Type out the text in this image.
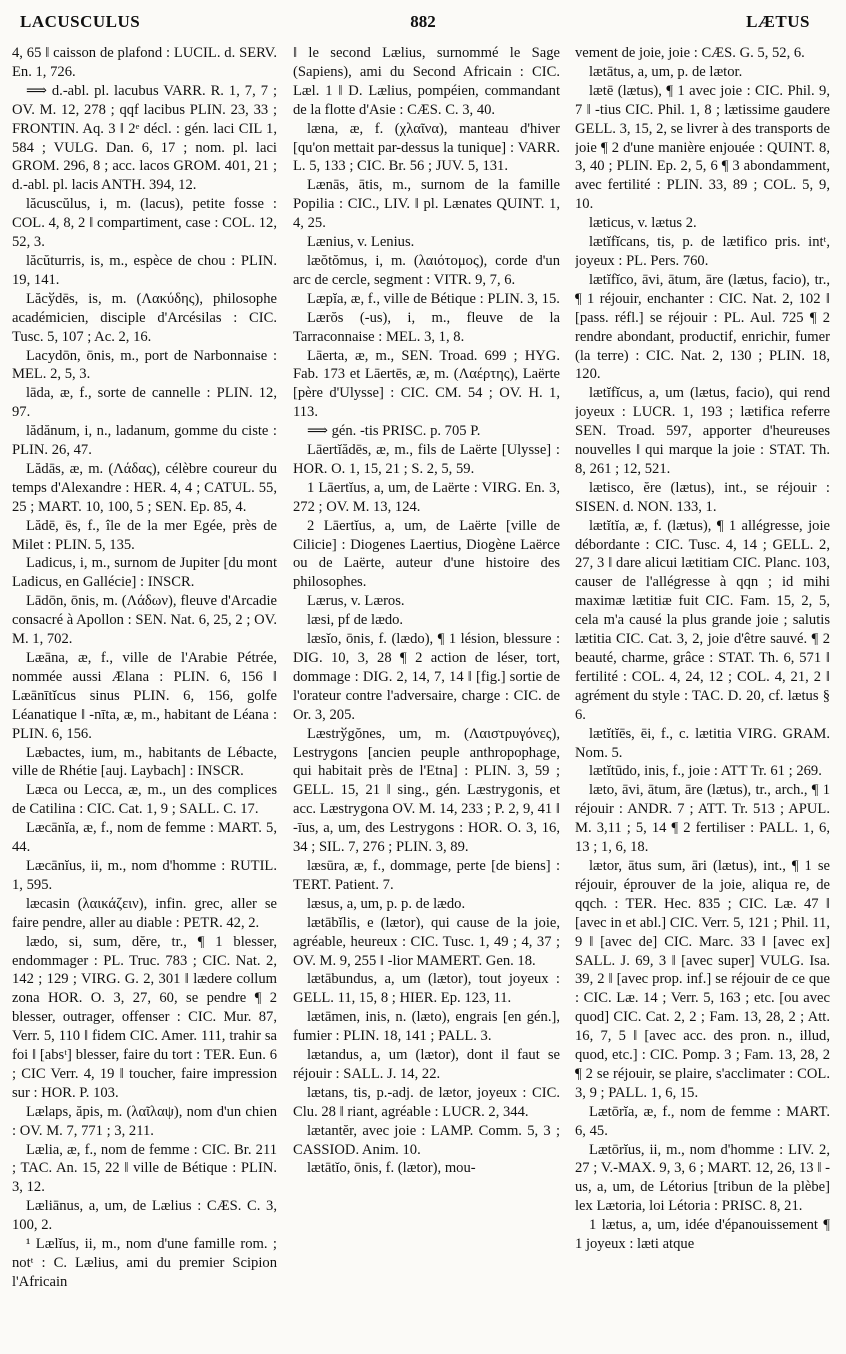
LACUSCULUS	882	LÆTUS
4, 65 ‖ caisson de plafond : LUCIL. d. SERV. En. 1, 726.
⟹ d.-abl. pl. lacubus VARR. R. 1, 7, 7 ; OV. M. 12, 278 ; qqf lacibus PLIN. 23, 33 ; FRONTIN. Aq. 3 ‖ 2ᵉ décl. : gén. laci CIL 1, 584 ; VULG. Dan. 6, 17 ; nom. pl. laci GROM. 296, 8 ; acc. lacos GROM. 401, 21 ; d.-abl. pl. lacis ANTH. 394, 12.
lăcuscŭlus, i, m. (lacus), petite fosse : COL. 4, 8, 2 ‖ compartiment, case : COL. 12, 52, 3.
lăcŭturris, is, m., espèce de chou : PLIN. 19, 141.
Lăcўdēs, is, m. (Λακύδης), philosophe académicien, disciple d'Arcésilas : CIC. Tusc. 5, 107 ; Ac. 2, 16.
Lacydōn, ōnis, m., port de Narbonnaise : MEL. 2, 5, 3.
lāda, æ, f., sorte de cannelle : PLIN. 12, 97.
lădănum, i, n., ladanum, gomme du ciste : PLIN. 26, 47.
Lădās, æ, m. (Λάδας), célèbre coureur du temps d'Alexandre : HER. 4, 4 ; CATUL. 55, 25 ; MART. 10, 100, 5 ; SEN. Ep. 85, 4.
Lădē, ēs, f., île de la mer Egée, près de Milet : PLIN. 5, 135.
Ladicus, i, m., surnom de Jupiter [du mont Ladicus, en Gallécie] : INSCR.
Lādōn, ōnis, m. (Λάδων), fleuve d'Arcadie consacré à Apollon : SEN. Nat. 6, 25, 2 ; OV. M. 1, 702.
Læāna, æ, f., ville de l'Arabie Pétrée, nommée aussi Ælana : PLIN. 6, 156 ‖ Læānītĭcus sinus PLIN. 6, 156, golfe Léanatique ‖ -nīta, æ, m., habitant de Léana : PLIN. 6, 156.
Læbactes, ium, m., habitants de Lébacte, ville de Rhétie [auj. Laybach] : INSCR.
Læca ou Lecca, æ, m., un des complices de Catilina : CIC. Cat. 1, 9 ; SALL. C. 17.
Læcānĭa, æ, f., nom de femme : MART. 5, 44.
Læcānĭus, ii, m., nom d'homme : RUTIL. 1, 595.
læcasin (λαικάζειν), infin. grec, aller se faire pendre, aller au diable : PETR. 42, 2.
lædo, si, sum, dĕre, tr., ¶ 1 blesser, endommager : PL. Truc. 783 ; CIC. Nat. 2, 142 ; 129 ; VIRG. G. 2, 301 ‖ lædere collum zona HOR. O. 3, 27, 60, se pendre ¶ 2 blesser, outrager, offenser : CIC. Mur. 87, Verr. 5, 110 ‖ fidem CIC. Amer. 111, trahir sa foi ‖ [absᵗ] blesser, faire du tort : TER. Eun. 6 ; CIC Verr. 4, 19 ‖ toucher, faire impression sur : HOR. P. 103.
Lælaps, ăpis, m. (λαῖλαψ), nom d'un chien : OV. M. 7, 771 ; 3, 211.
Lælia, æ, f., nom de femme : CIC. Br. 211 ; TAC. An. 15, 22 ‖ ville de Bétique : PLIN. 3, 12.
Læliānus, a, um, de Lælius : CÆS. C. 3, 100, 2.
¹ Lælĭus, ii, m., nom d'une famille rom. ; notᵗ : C. Lælius, ami du premier Scipion l'Africain
‖ le second Lælius, surnommé le Sage (Sapiens), ami du Second Africain : CIC. Læl. 1 ‖ D. Lælius, pompéien, commandant de la flotte d'Asie : CÆS. C. 3, 40.
læna, æ, f. (χλαῖνα), manteau d'hiver [qu'on mettait par-dessus la tunique] : VARR. L. 5, 133 ; CIC. Br. 56 ; JUV. 5, 131.
Lænās, ātis, m., surnom de la famille Popilia : CIC., LIV. ‖ pl. Lænates QUINT. 1, 4, 25.
Lænius, v. Lenius.
læŏtŏmus, i, m. (λαιότομος), corde d'un arc de cercle, segment : VITR. 9, 7, 6.
Læpĭa, æ, f., ville de Bétique : PLIN. 3, 15.
Lærŏs (-us), i, m., fleuve de la Tarraconnaise : MEL. 3, 1, 8.
Lāerta, æ, m., SEN. Troad. 699 ; HYG. Fab. 173 et Lāertēs, æ, m. (Λαέρτης), Laërte [père d'Ulysse] : CIC. CM. 54 ; OV. H. 1, 113.
⟹ gén. -tis PRISC. p. 705 P.
Lāertĭădēs, æ, m., fils de Laërte [Ulysse] : HOR. O. 1, 15, 21 ; S. 2, 5, 59.
1 Lāertĭus, a, um, de Laërte : VIRG. En. 3, 272 ; OV. M. 13, 124.
2 Lāertĭus, a, um, de Laërte [ville de Cilicie] : Diogenes Laertius, Diogène Laërce ou de Laërte, auteur d'une histoire des philosophes.
Lærus, v. Læros.
læsi, pf de lædo.
læsĭo, ōnis, f. (lædo), ¶ 1 lésion, blessure : DIG. 10, 3, 28 ¶ 2 action de léser, tort, dommage : DIG. 2, 14, 7, 14 ‖ [fig.] sortie de l'orateur contre l'adversaire, charge : CIC. de Or. 3, 205.
Læstrўgŏnes, um, m. (Λαιστρυγόνες), Lestrygons [ancien peuple anthropophage, qui habitait près de l'Etna] : PLIN. 3, 59 ; GELL. 15, 21 ‖ sing., gén. Læstrygonis, et acc. Læstrygona OV. M. 14, 233 ; P. 2, 9, 41 ‖ -īus, a, um, des Lestrygons : HOR. O. 3, 16, 34 ; SIL. 7, 276 ; PLIN. 3, 89.
læsūra, æ, f., dommage, perte [de biens] : TERT. Patient. 7.
læsus, a, um, p. p. de lædo.
lætābĭlis, e (lætor), qui cause de la joie, agréable, heureux : CIC. Tusc. 1, 49 ; 4, 37 ; OV. M. 9, 255 ‖ -lior MAMERT. Gen. 18.
lætābundus, a, um (lætor), tout joyeux : GELL. 11, 15, 8 ; HIER. Ep. 123, 11.
lætāmen, inis, n. (læto), engrais [en gén.], fumier : PLIN. 18, 141 ; PALL. 3.
lætandus, a, um (lætor), dont il faut se réjouir : SALL. J. 14, 22.
lætans, tis, p.-adj. de lætor, joyeux : CIC. Clu. 28 ‖ riant, agréable : LUCR. 2, 344.
lætantĕr, avec joie : LAMP. Comm. 5, 3 ; CASSIOD. Anim. 10.
lætātĭo, ōnis, f. (lætor), mou-
vement de joie, joie : CÆS. G. 5, 52, 6.
lætātus, a, um, p. de lætor.
lætē (lætus), ¶ 1 avec joie : CIC. Phil. 9, 7 ‖ -tius CIC. Phil. 1, 8 ; lætissime gaudere GELL. 3, 15, 2, se livrer à des transports de joie ¶ 2 d'une manière enjouée : QUINT. 8, 3, 40 ; PLIN. Ep. 2, 5, 6 ¶ 3 abondamment, avec fertilité : PLIN. 33, 89 ; COL. 5, 9, 10.
læticus, v. lætus 2.
lætĭfĭcans, tis, p. de lætifico pris. intᵗ, joyeux : PL. Pers. 760.
lætĭfĭco, āvi, ātum, āre (lætus, facio), tr., ¶ 1 réjouir, enchanter : CIC. Nat. 2, 102 ‖ [pass. réfl.] se réjouir : PL. Aul. 725 ¶ 2 rendre abondant, productif, enrichir, fumer (la terre) : CIC. Nat. 2, 130 ; PLIN. 18, 120.
lætĭfĭcus, a, um (lætus, facio), qui rend joyeux : LUCR. 1, 193 ; lætifica referre SEN. Troad. 597, apporter d'heureuses nouvelles ‖ qui marque la joie : STAT. Th. 8, 261 ; 12, 521.
lætisco, ĕre (lætus), int., se réjouir : SISEN. d. NON. 133, 1.
lætĭtĭa, æ, f. (lætus), ¶ 1 allégresse, joie débordante : CIC. Tusc. 4, 14 ; GELL. 2, 27, 3 ‖ dare alicui lætitiam CIC. Planc. 103, causer de l'allégresse à qqn ; id mihi maximæ lætitiæ fuit CIC. Fam. 15, 2, 5, cela m'a causé la plus grande joie ; salutis lætitia CIC. Cat. 3, 2, joie d'être sauvé. ¶ 2 beauté, charme, grâce : STAT. Th. 6, 571 ‖ fertilité : COL. 4, 24, 12 ; COL. 4, 21, 2 ‖ agrément du style : TAC. D. 20, cf. lætus § 6.
lætĭtĭēs, ēi, f., c. lætitia VIRG. GRAM. Nom. 5.
lætĭtūdo, inis, f., joie : ATT Tr. 61 ; 269.
læto, āvi, ātum, āre (lætus), tr., arch., ¶ 1 réjouir : ANDR. 7 ; ATT. Tr. 513 ; APUL. M. 3,11 ; 5, 14 ¶ 2 fertiliser : PALL. 1, 6, 13 ; 1, 6, 18.
lætor, ātus sum, āri (lætus), int., ¶ 1 se réjouir, éprouver de la joie, aliqua re, de qqch. : TER. Hec. 835 ; CIC. Læ. 47 ‖ [avec in et abl.] CIC. Verr. 5, 121 ; Phil. 11, 9 ‖ [avec de] CIC. Marc. 33 ‖ [avec ex] SALL. J. 69, 3 ‖ [avec super] VULG. Isa. 39, 2 ‖ [avec prop. inf.] se réjouir de ce que : CIC. Læ. 14 ; Verr. 5, 163 ; etc. [ou avec quod] CIC. Cat. 2, 2 ; Fam. 13, 28, 2 ; Att. 16, 7, 5 ‖ [avec acc. des pron. n., illud, quod, etc.] : CIC. Pomp. 3 ; Fam. 13, 28, 2 ¶ 2 se réjouir, se plaire, s'acclimater : COL. 3, 9 ; PALL. 1, 6, 15.
Lætōrĭa, æ, f., nom de femme : MART. 6, 45.
Lætōrĭus, ii, m., nom d'homme : LIV. 2, 27 ; V.-MAX. 9, 3, 6 ; MART. 12, 26, 13 ‖ -us, a, um, de Létorius [tribun de la plèbe] lex Lætoria, loi Létoria : PRISC. 8, 21.
1 lætus, a, um, idée d'épanouissement ¶ 1 joyeux : læti atque
